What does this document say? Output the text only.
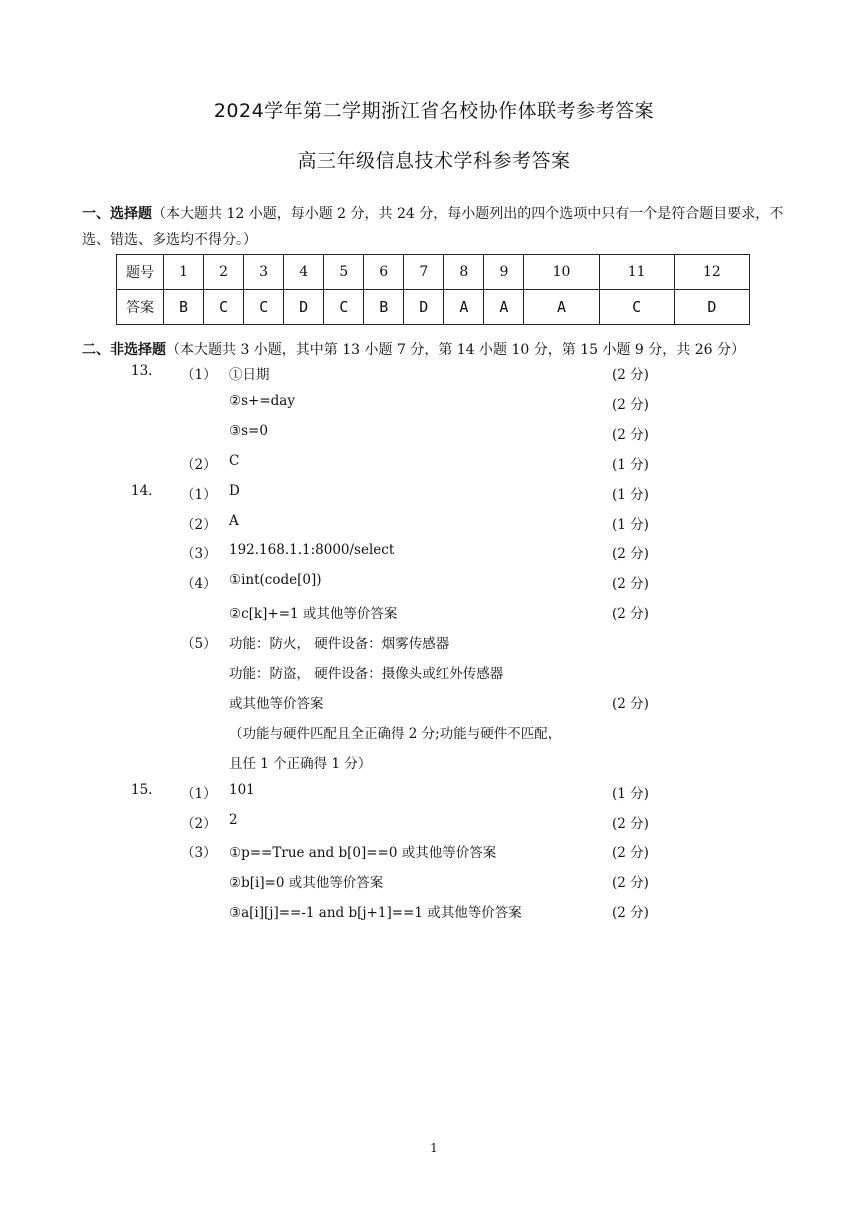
2024学年第二学期浙江省名校协作体联考参考答案
高三年级信息技术学科参考答案
一、选择题（本大题共 12 小题，每小题 2 分，共 24 分，每小题列出的四个选项中只有一个是符合题目要求，不选、错选、多选均不得分。）
题号	1	2	3	4	5	6	7	8	9	10	11	12
答案	B	C	C	D	C	B	D	A	A	A	C	D
二、非选择题（本大题共 3 小题，其中第 13 小题 7 分，第 14 小题 10 分，第 15 小题 9 分，共 26 分）
13. （1） ①日期	(2 分)
②s+=day	(2 分)
③s=0	(2 分)
（2） C	(1 分)
14. （1） D	(1 分)
（2） A	(1 分)
（3） 192.168.1.1:8000/select	(2 分)
（4） ①int(code[0])	(2 分)
②c[k]+=1 或其他等价答案	(2 分)
（5） 功能：防火， 硬件设备：烟雾传感器
功能：防盗， 硬件设备：摄像头或红外传感器
或其他等价答案	(2 分)
（功能与硬件匹配且全正确得 2 分;功能与硬件不匹配，
且任 1 个正确得 1 分）
15. （1） 101	(1 分)
（2） 2	(2 分)
（3） ①p==True and b[0]==0 或其他等价答案	(2 分)
②b[i]=0 或其他等价答案	(2 分)
③a[i][j]==-1 and b[j+1]==1 或其他等价答案	(2 分)
1
